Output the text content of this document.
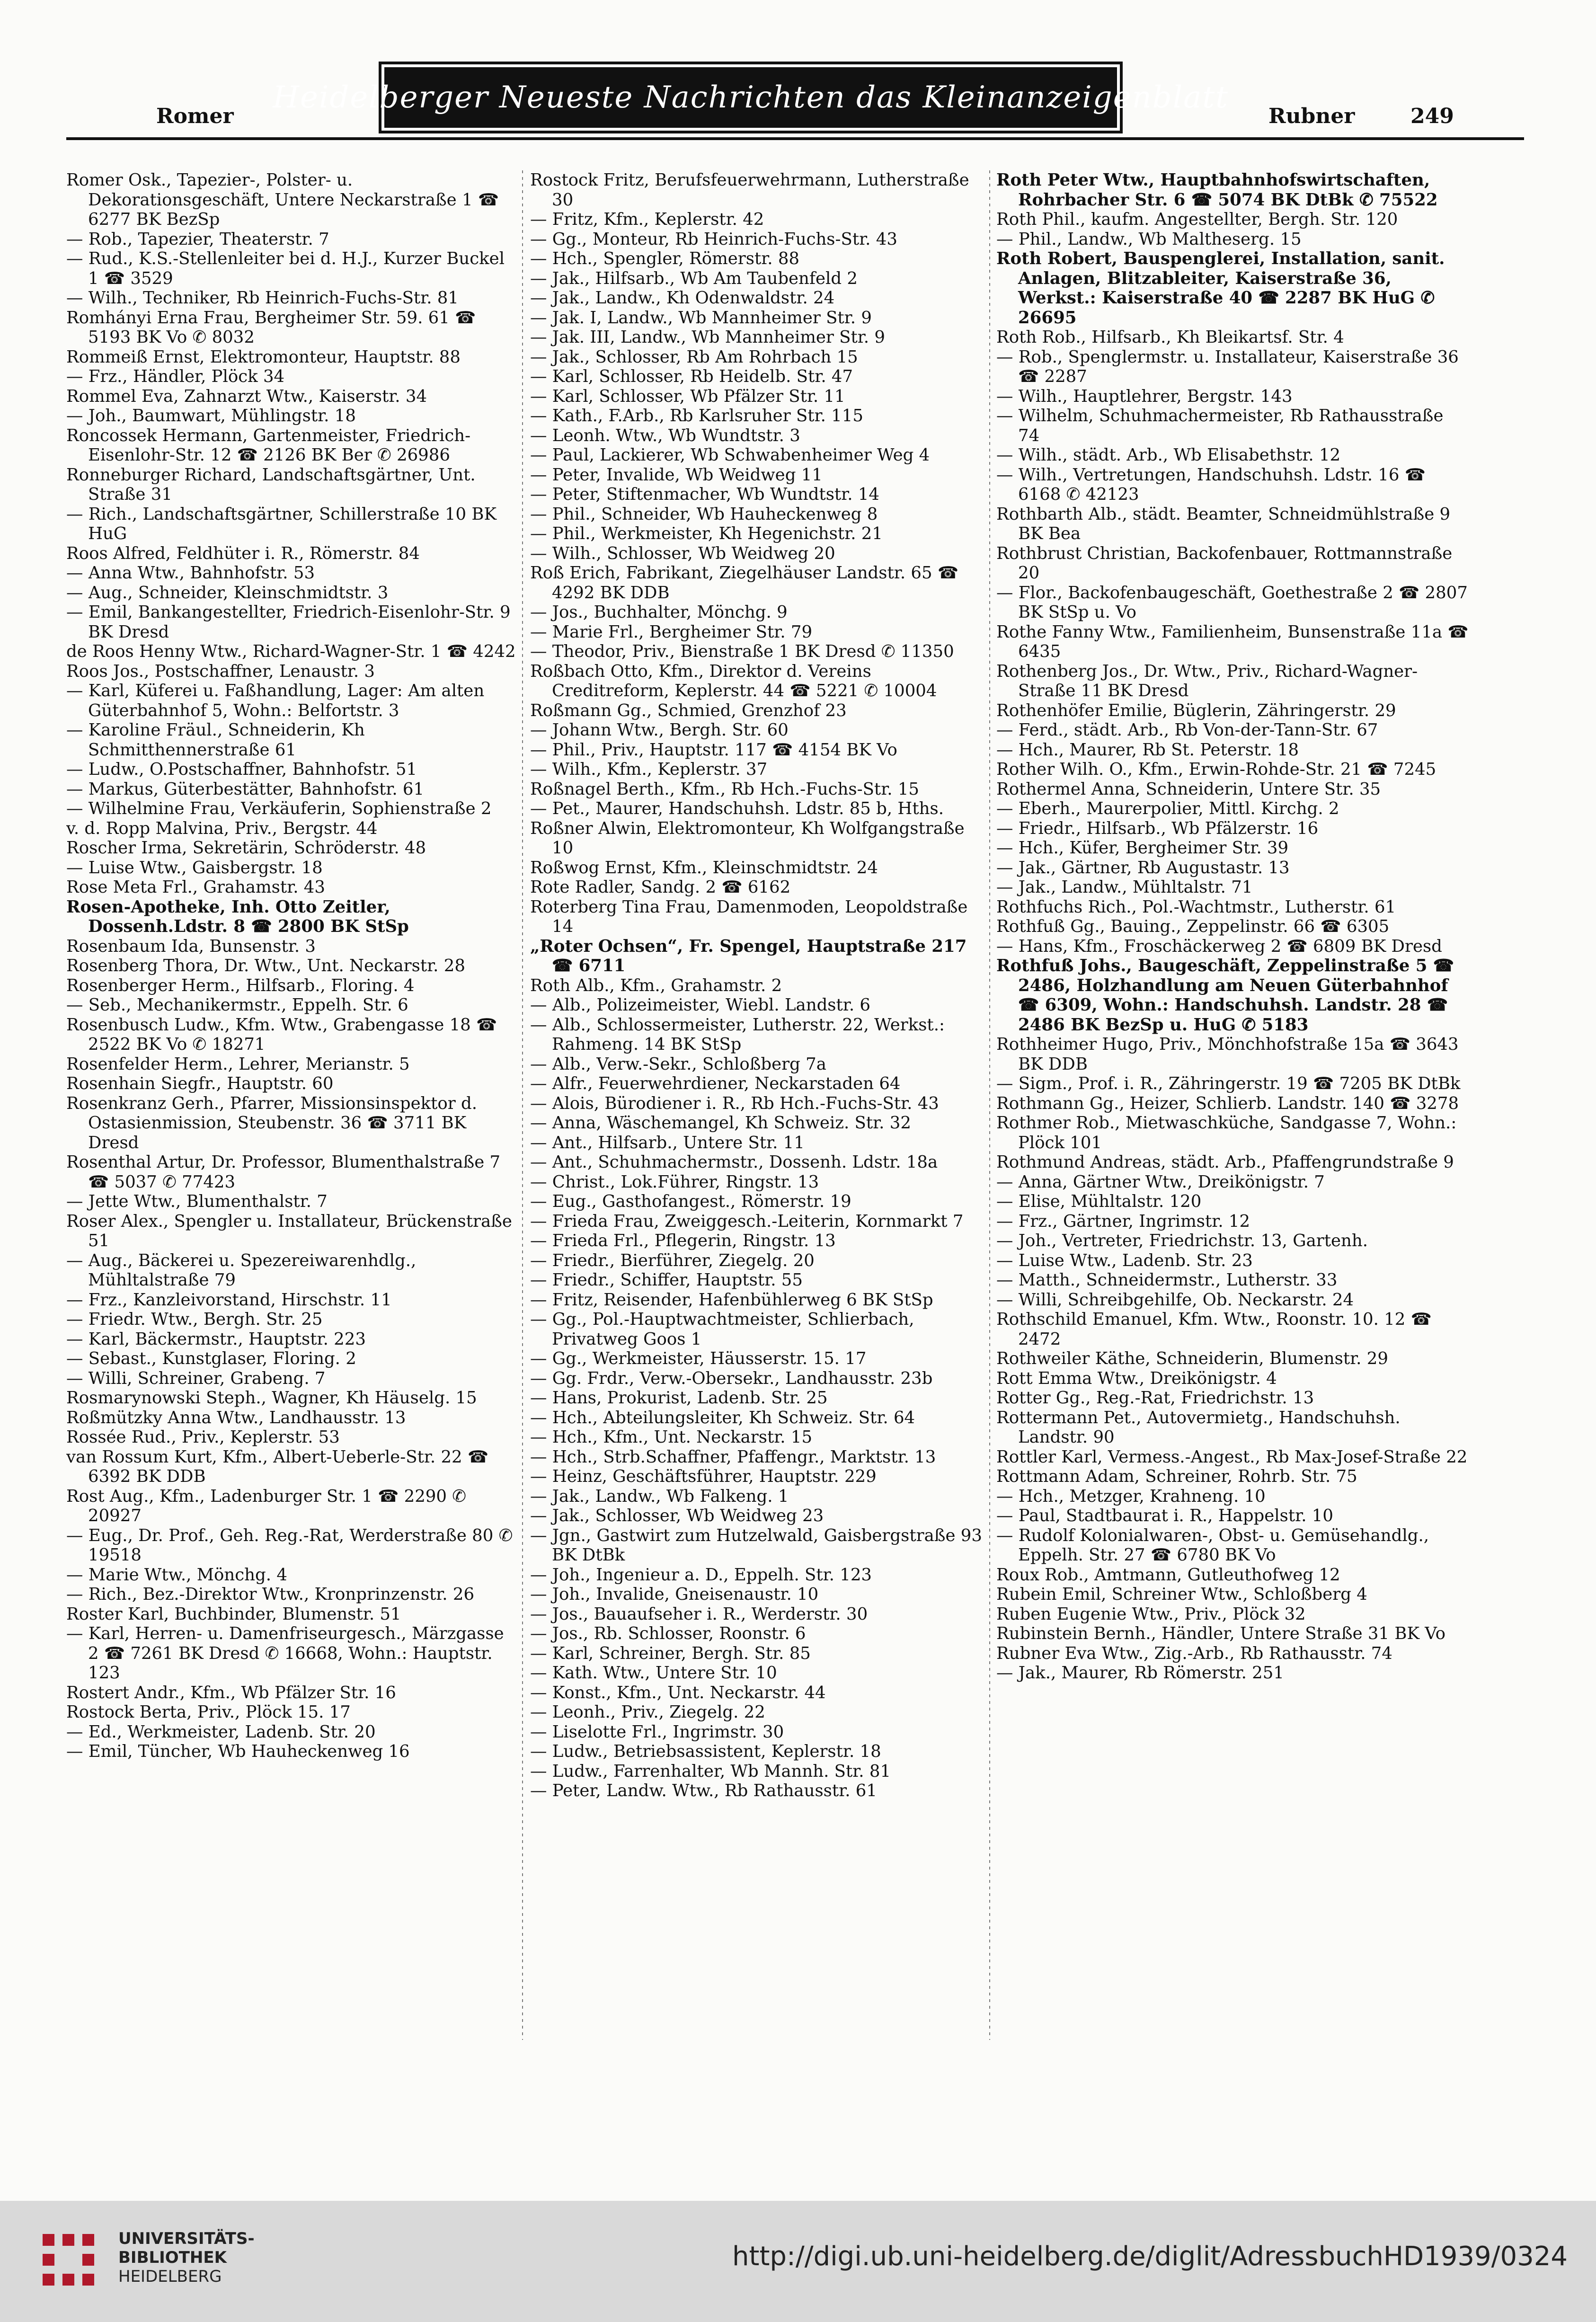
Heidelberger Neueste Nachrichten das Kleinanzeigenblatt
Romer	Rubner	249

Romer Osk., Tapezier-, Polster- u. Dekorationsgeschäft, Untere Neckarstraße 1 ☎ 6277 BK BezSp

— Rob., Tapezier, Theaterstr. 7

— Rud., K.S.-Stellenleiter bei d. H.J., Kurzer Buckel 1 ☎ 3529

— Wilh., Techniker, Rb Heinrich-Fuchs-Str. 81

Romhányi Erna Frau, Bergheimer Str. 59. 61 ☎ 5193 BK Vo ✆ 8032

Rommeiß Ernst, Elektromonteur, Hauptstr. 88

— Frz., Händler, Plöck 34

Rommel Eva, Zahnarzt Wtw., Kaiserstr. 34

— Joh., Baumwart, Mühlingstr. 18

Roncossek Hermann, Gartenmeister, Friedrich-Eisenlohr-Str. 12 ☎ 2126 BK Ber ✆ 26986

Ronneburger Richard, Landschaftsgärtner, Unt. Straße 31

— Rich., Landschaftsgärtner, Schillerstraße 10 BK HuG

Roos Alfred, Feldhüter i. R., Römerstr. 84

— Anna Wtw., Bahnhofstr. 53

— Aug., Schneider, Kleinschmidtstr. 3

— Emil, Bankangestellter, Friedrich-Eisenlohr-Str. 9 BK Dresd

de Roos Henny Wtw., Richard-Wagner-Str. 1 ☎ 4242

Roos Jos., Postschaffner, Lenaustr. 3

— Karl, Küferei u. Faßhandlung, Lager: Am alten Güterbahnhof 5, Wohn.: Belfortstr. 3

— Karoline Fräul., Schneiderin, Kh Schmitthennerstraße 61

— Ludw., O.Postschaffner, Bahnhofstr. 51

— Markus, Güterbestätter, Bahnhofstr. 61

— Wilhelmine Frau, Verkäuferin, Sophienstraße 2

v. d. Ropp Malvina, Priv., Bergstr. 44

Roscher Irma, Sekretärin, Schröderstr. 48

— Luise Wtw., Gaisbergstr. 18

Rose Meta Frl., Grahamstr. 43

Rosen-Apotheke, Inh. Otto Zeitler, Dossenh.Ldstr. 8 ☎ 2800 BK StSp

Rosenbaum Ida, Bunsenstr. 3

Rosenberg Thora, Dr. Wtw., Unt. Neckarstr. 28

Rosenberger Herm., Hilfsarb., Floring. 4

— Seb., Mechanikermstr., Eppelh. Str. 6

Rosenbusch Ludw., Kfm. Wtw., Grabengasse 18 ☎ 2522 BK Vo ✆ 18271

Rosenfelder Herm., Lehrer, Merianstr. 5

Rosenhain Siegfr., Hauptstr. 60

Rosenkranz Gerh., Pfarrer, Missionsinspektor d. Ostasienmission, Steubenstr. 36 ☎ 3711 BK Dresd

Rosenthal Artur, Dr. Professor, Blumenthalstraße 7 ☎ 5037 ✆ 77423

— Jette Wtw., Blumenthalstr. 7

Roser Alex., Spengler u. Installateur, Brückenstraße 51

— Aug., Bäckerei u. Spezereiwarenhdlg., Mühltalstraße 79

— Frz., Kanzleivorstand, Hirschstr. 11

— Friedr. Wtw., Bergh. Str. 25

— Karl, Bäckermstr., Hauptstr. 223

— Sebast., Kunstglaser, Floring. 2

— Willi, Schreiner, Grabeng. 7

Rosmarynowski Steph., Wagner, Kh Häuselg. 15

Roßmützky Anna Wtw., Landhausstr. 13

Rossée Rud., Priv., Keplerstr. 53

van Rossum Kurt, Kfm., Albert-Ueberle-Str. 22 ☎ 6392 BK DDB

Rost Aug., Kfm., Ladenburger Str. 1 ☎ 2290 ✆ 20927

— Eug., Dr. Prof., Geh. Reg.-Rat, Werderstraße 80 ✆ 19518

— Marie Wtw., Mönchg. 4

— Rich., Bez.-Direktor Wtw., Kronprinzenstr. 26

Roster Karl, Buchbinder, Blumenstr. 51

— Karl, Herren- u. Damenfriseurgesch., Märzgasse 2 ☎ 7261 BK Dresd ✆ 16668, Wohn.: Hauptstr. 123

Rostert Andr., Kfm., Wb Pfälzer Str. 16

Rostock Berta, Priv., Plöck 15. 17

— Ed., Werkmeister, Ladenb. Str. 20

— Emil, Tüncher, Wb Hauheckenweg 16

Rostock Fritz, Berufsfeuerwehrmann, Lutherstraße 30

— Fritz, Kfm., Keplerstr. 42

— Gg., Monteur, Rb Heinrich-Fuchs-Str. 43

— Hch., Spengler, Römerstr. 88

— Jak., Hilfsarb., Wb Am Taubenfeld 2

— Jak., Landw., Kh Odenwaldstr. 24

— Jak. I, Landw., Wb Mannheimer Str. 9

— Jak. III, Landw., Wb Mannheimer Str. 9

— Jak., Schlosser, Rb Am Rohrbach 15

— Karl, Schlosser, Rb Heidelb. Str. 47

— Karl, Schlosser, Wb Pfälzer Str. 11

— Kath., F.Arb., Rb Karlsruher Str. 115

— Leonh. Wtw., Wb Wundtstr. 3

— Paul, Lackierer, Wb Schwabenheimer Weg 4

— Peter, Invalide, Wb Weidweg 11

— Peter, Stiftenmacher, Wb Wundtstr. 14

— Phil., Schneider, Wb Hauheckenweg 8

— Phil., Werkmeister, Kh Hegenichstr. 21

— Wilh., Schlosser, Wb Weidweg 20

Roß Erich, Fabrikant, Ziegelhäuser Landstr. 65 ☎ 4292 BK DDB

— Jos., Buchhalter, Mönchg. 9

— Marie Frl., Bergheimer Str. 79

— Theodor, Priv., Bienstraße 1 BK Dresd ✆ 11350

Roßbach Otto, Kfm., Direktor d. Vereins Creditreform, Keplerstr. 44 ☎ 5221 ✆ 10004

Roßmann Gg., Schmied, Grenzhof 23

— Johann Wtw., Bergh. Str. 60

— Phil., Priv., Hauptstr. 117 ☎ 4154 BK Vo

— Wilh., Kfm., Keplerstr. 37

Roßnagel Berth., Kfm., Rb Hch.-Fuchs-Str. 15

— Pet., Maurer, Handschuhsh. Ldstr. 85 b, Hths.

Roßner Alwin, Elektromonteur, Kh Wolfgangstraße 10

Roßwog Ernst, Kfm., Kleinschmidtstr. 24

Rote Radler, Sandg. 2 ☎ 6162

Roterberg Tina Frau, Damenmoden, Leopoldstraße 14

„Roter Ochsen“, Fr. Spengel, Hauptstraße 217 ☎ 6711

Roth Alb., Kfm., Grahamstr. 2

— Alb., Polizeimeister, Wiebl. Landstr. 6

— Alb., Schlossermeister, Lutherstr. 22, Werkst.: Rahmeng. 14 BK StSp

— Alb., Verw.-Sekr., Schloßberg 7a

— Alfr., Feuerwehrdiener, Neckarstaden 64

— Alois, Bürodiener i. R., Rb Hch.-Fuchs-Str. 43

— Anna, Wäschemangel, Kh Schweiz. Str. 32

— Ant., Hilfsarb., Untere Str. 11

— Ant., Schuhmachermstr., Dossenh. Ldstr. 18a

— Christ., Lok.Führer, Ringstr. 13

— Eug., Gasthofangest., Römerstr. 19

— Frieda Frau, Zweiggesch.-Leiterin, Kornmarkt 7

— Frieda Frl., Pflegerin, Ringstr. 13

— Friedr., Bierführer, Ziegelg. 20

— Friedr., Schiffer, Hauptstr. 55

— Fritz, Reisender, Hafenbühlerweg 6 BK StSp

— Gg., Pol.-Hauptwachtmeister, Schlierbach, Privatweg Goos 1

— Gg., Werkmeister, Häusserstr. 15. 17

— Gg. Frdr., Verw.-Obersekr., Landhausstr. 23b

— Hans, Prokurist, Ladenb. Str. 25

— Hch., Abteilungsleiter, Kh Schweiz. Str. 64

— Hch., Kfm., Unt. Neckarstr. 15

— Hch., Strb.Schaffner, Pfaffengr., Marktstr. 13

— Heinz, Geschäftsführer, Hauptstr. 229

— Jak., Landw., Wb Falkeng. 1

— Jak., Schlosser, Wb Weidweg 23

— Jgn., Gastwirt zum Hutzelwald, Gaisbergstraße 93 BK DtBk

— Joh., Ingenieur a. D., Eppelh. Str. 123

— Joh., Invalide, Gneisenaustr. 10

— Jos., Bauaufseher i. R., Werderstr. 30

— Jos., Rb. Schlosser, Roonstr. 6

— Karl, Schreiner, Bergh. Str. 85

— Kath. Wtw., Untere Str. 10

— Konst., Kfm., Unt. Neckarstr. 44

— Leonh., Priv., Ziegelg. 22

— Liselotte Frl., Ingrimstr. 30

— Ludw., Betriebsassistent, Keplerstr. 18

— Ludw., Farrenhalter, Wb Mannh. Str. 81

— Peter, Landw. Wtw., Rb Rathausstr. 61

Roth Peter Wtw., Hauptbahnhofswirtschaften, Rohrbacher Str. 6 ☎ 5074 BK DtBk ✆ 75522

Roth Phil., kaufm. Angestellter, Bergh. Str. 120

— Phil., Landw., Wb Maltheserg. 15

Roth Robert, Bauspenglerei, Installation, sanit. Anlagen, Blitzableiter, Kaiserstraße 36, Werkst.: Kaiserstraße 40 ☎ 2287 BK HuG ✆ 26695

Roth Rob., Hilfsarb., Kh Bleikartsf. Str. 4

— Rob., Spenglermstr. u. Installateur, Kaiserstraße 36 ☎ 2287

— Wilh., Hauptlehrer, Bergstr. 143

— Wilhelm, Schuhmachermeister, Rb Rathausstraße 74

— Wilh., städt. Arb., Wb Elisabethstr. 12

— Wilh., Vertretungen, Handschuhsh. Ldstr. 16 ☎ 6168 ✆ 42123

Rothbarth Alb., städt. Beamter, Schneidmühlstraße 9 BK Bea

Rothbrust Christian, Backofenbauer, Rottmannstraße 20

— Flor., Backofenbaugeschäft, Goethestraße 2 ☎ 2807 BK StSp u. Vo

Rothe Fanny Wtw., Familienheim, Bunsenstraße 11a ☎ 6435

Rothenberg Jos., Dr. Wtw., Priv., Richard-Wagner-Straße 11 BK Dresd

Rothenhöfer Emilie, Büglerin, Zähringerstr. 29

— Ferd., städt. Arb., Rb Von-der-Tann-Str. 67

— Hch., Maurer, Rb St. Peterstr. 18

Rother Wilh. O., Kfm., Erwin-Rohde-Str. 21 ☎ 7245

Rothermel Anna, Schneiderin, Untere Str. 35

— Eberh., Maurerpolier, Mittl. Kirchg. 2

— Friedr., Hilfsarb., Wb Pfälzerstr. 16

— Hch., Küfer, Bergheimer Str. 39

— Jak., Gärtner, Rb Augustastr. 13

— Jak., Landw., Mühltalstr. 71

Rothfuchs Rich., Pol.-Wachtmstr., Lutherstr. 61

Rothfuß Gg., Bauing., Zeppelinstr. 66 ☎ 6305

— Hans, Kfm., Froschäckerweg 2 ☎ 6809 BK Dresd

Rothfuß Johs., Baugeschäft, Zeppelinstraße 5 ☎ 2486, Holzhandlung am Neuen Güterbahnhof ☎ 6309, Wohn.: Handschuhsh. Landstr. 28 ☎ 2486 BK BezSp u. HuG ✆ 5183

Rothheimer Hugo, Priv., Mönchhofstraße 15a ☎ 3643 BK DDB

— Sigm., Prof. i. R., Zähringerstr. 19 ☎ 7205 BK DtBk

Rothmann Gg., Heizer, Schlierb. Landstr. 140 ☎ 3278

Rothmer Rob., Mietwaschküche, Sandgasse 7, Wohn.: Plöck 101

Rothmund Andreas, städt. Arb., Pfaffengrundstraße 9

— Anna, Gärtner Wtw., Dreikönigstr. 7

— Elise, Mühltalstr. 120

— Frz., Gärtner, Ingrimstr. 12

— Joh., Vertreter, Friedrichstr. 13, Gartenh.

— Luise Wtw., Ladenb. Str. 23

— Matth., Schneidermstr., Lutherstr. 33

— Willi, Schreibgehilfe, Ob. Neckarstr. 24

Rothschild Emanuel, Kfm. Wtw., Roonstr. 10. 12 ☎ 2472

Rothweiler Käthe, Schneiderin, Blumenstr. 29

Rott Emma Wtw., Dreikönigstr. 4

Rotter Gg., Reg.-Rat, Friedrichstr. 13

Rottermann Pet., Autovermietg., Handschuhsh. Landstr. 90

Rottler Karl, Vermess.-Angest., Rb Max-Josef-Straße 22

Rottmann Adam, Schreiner, Rohrb. Str. 75

— Hch., Metzger, Krahneng. 10

— Paul, Stadtbaurat i. R., Happelstr. 10

— Rudolf Kolonialwaren-, Obst- u. Gemüsehandlg., Eppelh. Str. 27 ☎ 6780 BK Vo

Roux Rob., Amtmann, Gutleuthofweg 12

Rubein Emil, Schreiner Wtw., Schloßberg 4

Ruben Eugenie Wtw., Priv., Plöck 32

Rubinstein Bernh., Händler, Untere Straße 31 BK Vo

Rubner Eva Wtw., Zig.-Arb., Rb Rathausstr. 74

— Jak., Maurer, Rb Römerstr. 251

UNIVERSITÄTS-
BIBLIOTHEK
HEIDELBERG
http://digi.ub.uni-heidelberg.de/diglit/AdressbuchHD1939/0324
